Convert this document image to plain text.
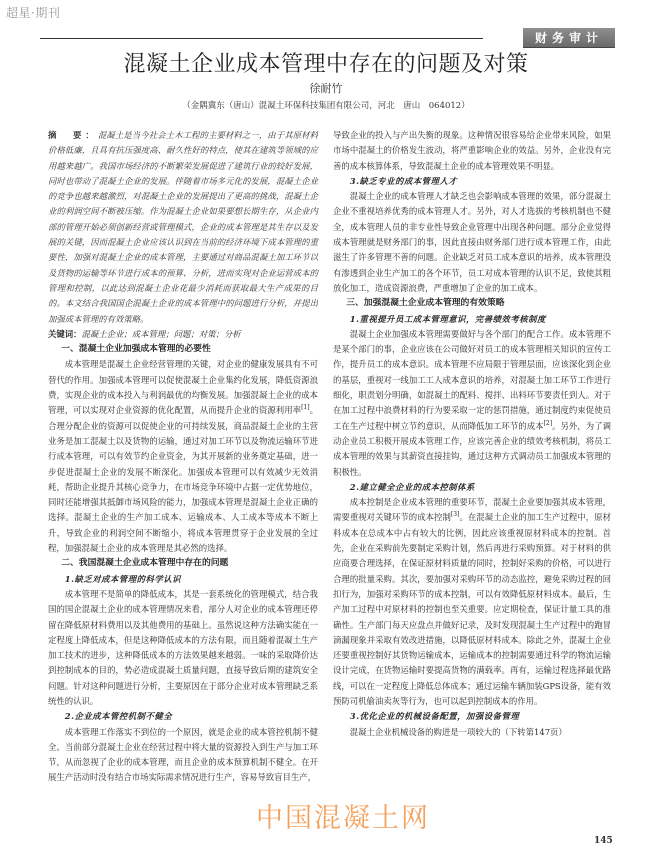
超星·期刊
财务审计
混凝土企业成本管理中存在的问题及对策
徐耐竹
（金隅冀东（唐山）混凝土环保科技集团有限公司，河北　唐山　064012）

摘　要：混凝土是当今社会土木工程的主要材料之一，由于其原材料价格低廉，且具有抗压强度高、耐久性好的特点，使其在建筑等领域的应用越来越广。我国市场经济的不断繁荣发展促进了建筑行业的较好发展，同时也带动了混凝土企业的发展。伴随着市场多元化的发展，混凝土企业的竞争也越来越激烈，对混凝土企业的发展提出了更高的挑战，混凝土企业的利润空间不断被压缩。作为混凝土企业如果要想长期生存，从企业内部的管理开始必须创新经营或管理模式，企业的成本管理是其生存以及发展的关键，因而混凝土企业应该认识到在当前的经济环境下成本管理的重要性，加强对混凝土企业的成本管理，主要通过对商品混凝土加工环节以及货物的运输等环节进行成本的预算、分析，进而实现对企业运营成本的管理和控制，以此达到混凝土企业花最少消耗而获取最大生产成果的目的。本文结合我国国企混凝土企业的成本管理中的问题进行分析，并提出加强成本管理的有效策略。

关键词：混凝土企业；成本管理；问题；对策；分析

一、混凝土企业加强成本管理的必要性

成本管理是混凝土企业经营管理的关键，对企业的健康发展具有不可替代的作用。加强成本管理可以促使混凝土企业集约化发展，降低资源浪费，实现企业的成本投入与利润最优的均衡发展。加强混凝土企业的成本管理，可以实现对企业资源的优化配置，从而提升企业的资源利用率[1]。合理分配企业的资源可以促使企业的可持续发展，商品混凝土企业的主营业务是加工混凝土以及货物的运输，通过对加工环节以及物流运输环节进行成本管理，可以有效节约企业资金，为其开展新的业务奠定基础，进一步促进混凝土企业的发展不断深化。加强成本管理可以有效减少无效消耗，帮助企业提升其核心竞争力，在市场竞争环境中占据一定优势地位，同时还能增强其抵御市场风险的能力，加强成本管理是混凝土企业正确的选择。混凝土企业的生产加工成本、运输成本、人工成本等成本不断上升，导致企业的利润空间不断缩小，将成本管理贯穿于企业发展的全过程，加强混凝土企业的成本管理是其必然的选择。

二、我国混凝土企业成本管理中存在的问题

1.缺乏对成本管理的科学认识

成本管理不是简单的降低成本，其是一套系统化的管理模式，结合我国的国企混凝土企业的成本管理情况来看，部分人对企业的成本管理还停留在降低原材料费用以及其他费用的基础上。虽然说这种方法确实能在一定程度上降低成本，但是这种降低成本的方法有限，而且随着混凝土生产加工技术的进步，这种降低成本的方法效果越来越弱。一味的采取降价达到控制成本的目的，势必造成混凝土质量问题，直接导致后期的建筑安全问题。针对这种问题进行分析，主要原因在于部分企业对成本管理缺乏系统性的认识。

2.企业成本管控机制不健全

成本管理工作落实不到位的一个原因，就是企业的成本管控机制不健全。当前部分混凝土企业在经营过程中将大量的资源投入到生产与加工环节，从而忽视了企业的成本管理，而且企业的成本预算机制不健全。在开展生产活动时没有结合市场实际需求情况进行生产，容易导致盲目生产，

导致企业的投入与产出失衡的现象。这种情况很容易给企业带来风险，如果市场中混凝土的价格发生波动，将严重影响企业的效益。另外，企业没有完善的成本核算体系，导致混凝土企业的成本管理效果不明显。

3.缺乏专业的成本管理人才

混凝土企业的成本管理人才缺乏也会影响成本管理的效果，部分混凝土企业不重视培养优秀的成本管理人才。另外，对人才选拔的考核机制也不健全，成本管理人员的非专业性导致企业管理中出现各种问题。部分企业觉得成本管理就是财务部门的事，因此直接由财务部门进行成本管理工作，由此滋生了许多管理不善的问题。企业缺乏对员工成本意识的培养，成本管理没有渗透到企业生产加工的各个环节，员工对成本管理的认识不足，致使其粗放化加工，造成资源浪费，严重增加了企业的加工成本。

三、加强混凝土企业成本管理的有效策略

1.重视提升员工成本管理意识，完善绩效考核制度

混凝土企业加强成本管理需要做好与各个部门的配合工作。成本管理不是某个部门的事，企业应该在公司做好对员工的成本管理相关知识的宣传工作，提升员工的成本意识。成本管理不应局限于管理层面，应该深化到企业的基层，重视对一线加工工人成本意识的培养，对混凝土加工环节工作进行细化，职责划分明确，如混凝土的配料、搅拌、出料环节要责任到人。对于在加工过程中浪费材料的行为要采取一定的惩罚措施，通过制度约束促使员工在生产过程中树立节约意识，从而降低加工环节的成本[2]。另外，为了调动企业员工积极开展成本管理工作，应该完善企业的绩效考核机制，将员工成本管理的效果与其薪资直接挂钩，通过这种方式调动员工加强成本管理的积极性。

2.建立健全企业的成本控制体系

成本控制是企业成本管理的重要环节，混凝土企业要加强其成本管理，需要重视对关键环节的成本控制[3]。在混凝土企业的加工生产过程中，原材料成本在总成本中占有较大的比例，因此应该重视原材料成本的控制。首先，企业在采购前先要制定采购计划，然后再进行采购预算。对于材料的供应商要合理选择，在保证原材料质量的同时，控制好采购的价格，可以进行合理的批量采购。其次，要加强对采购环节的动态监控，避免采购过程的回扣行为，加强对采购环节的成本控制，可以有效降低原材料成本。最后，生产加工过程中对原材料的控制也至关重要。应定期检查，保证计量工具的准确性。生产部门每天应盘点并做好记录，及时发现混凝土生产过程中的跑冒滴漏现象并采取有效改进措施，以降低原材料成本。除此之外，混凝土企业还要重视控制好其货物运输成本，运输成本的控制需要通过科学的物流运输设计完成，在货物运输时要提高货物的满载率。再有，运输过程选择最优路线，可以在一定程度上降低总体成本；通过运输车辆加装GPS设备，能有效预防司机偷油卖灰等行为，也可以起到控制成本的作用。

3.优化企业的机械设备配置，加强设备管理

混凝土企业机械设备的购进是一项较大的（下转第147页）

145
中国混凝土网
